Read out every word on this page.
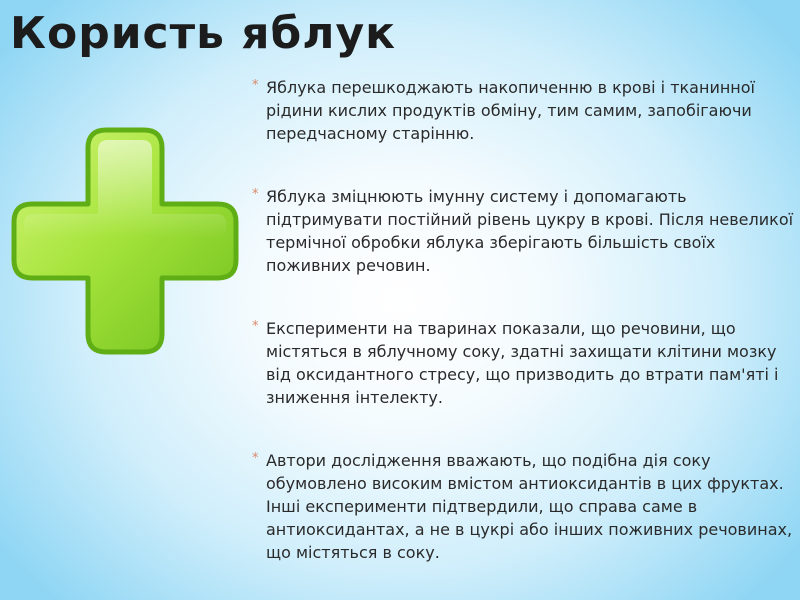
Користь яблук
* Яблука перешкоджають накопиченню в крові і тканинної рідини кислих продуктів обміну, тим самим, запобігаючи передчасному старінню.
* Яблука зміцнюють імунну систему і допомагають підтримувати постійний рівень цукру в крові. Після невеликої термічної обробки яблука зберігають більшість своїх поживних речовин.
* Експерименти на тваринах показали, що речовини, що містяться в яблучному соку, здатні захищати клітини мозку від оксидантного стресу, що призводить до втрати пам'яті і зниження інтелекту.
* Автори дослідження вважають, що подібна дія соку обумовлено високим вмістом антиоксидантів в цих фруктах. Інші експерименти підтвердили, що справа саме в антиоксидантах, а не в цукрі або інших поживних речовинах, що містяться в соку.
